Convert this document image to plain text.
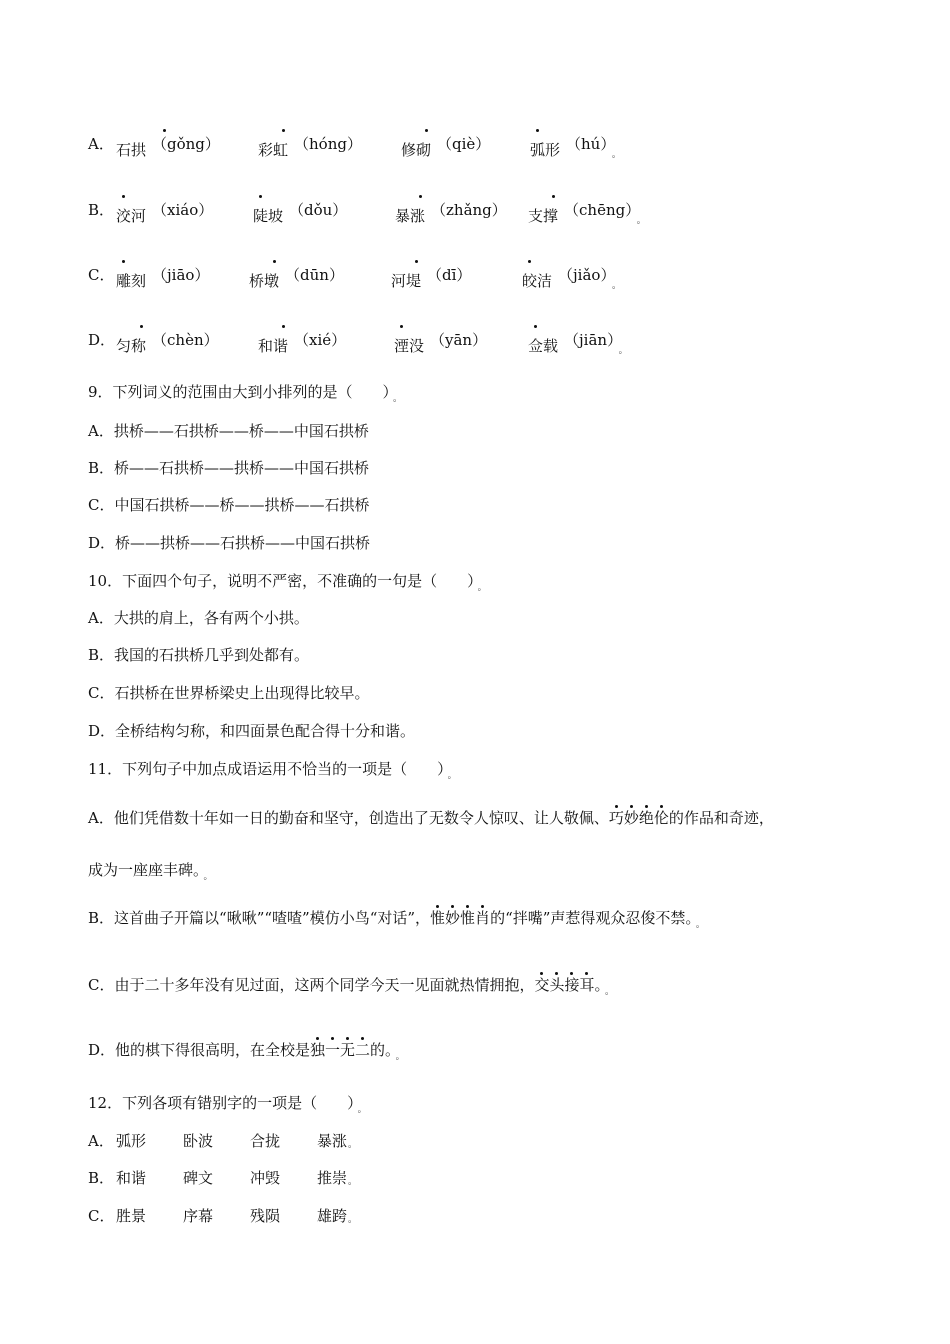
A． 石拱 （gǒng）	彩虹 （hóng）	修砌 （qiè）	弧形 $(hú)_。$
B． 洨河 （xiáo）	陡坡 （dǒu）	暴涨 （zhǎng） 支撑 $(chēng)_。$
C． 雕刻 （jiāo）	桥墩 （dūn）	河堤 （dī）	皎洁 $(jiǎo)_。$
D． 匀称 （chèn）	和谐 （xié）	湮没 （yān）	佥载 $(jiān)_。$
9．下列词义的范围由大到小排列的是（　　） $_。$
A．拱桥——石拱桥——桥——中国石拱桥
B．桥——石拱桥——拱桥——中国石拱桥
C．中国石拱桥——桥——拱桥——石拱桥
D．桥——拱桥——石拱桥——中国石拱桥
10．下面四个句子，说明不严密，不准确的一句是（　　） $_。$
A．大拱的肩上，各有两个小拱。
B．我国的石拱桥几乎到处都有。
C．石拱桥在世界桥梁史上出现得比较早。
D．全桥结构匀称，和四面景色配合得十分和谐。
11．下列句子中加点成语运用不恰当的一项是（　　） $_。$
A．他们凭借数十年如一日的勤奋和坚守，创造出了无数令人惊叹、让人敬佩、巧妙绝伦
的作品和奇迹，
成为一座座丰碑。 $_。$
B．这首曲子开篇以“啾啾”“喳喳”模仿小鸟“对话”，惟妙惟肖
的“拌嘴”声惹得观众忍俊不禁。 $_。$
C．由于二十多年没有见过面，这两个同学今天一见面就热情拥抱，交头接耳
。 $_。$
D．他的棋下得很高明，在全校是独一无二
的。 $_。$
12．下列各项有错别字的一项是（　　） $_。$
A． 弧形 卧波 合拢 暴涨 。
B． 和谐 碑文 冲毁 推崇 。
C． 胜景 序幕 残陨 雄跨 。
